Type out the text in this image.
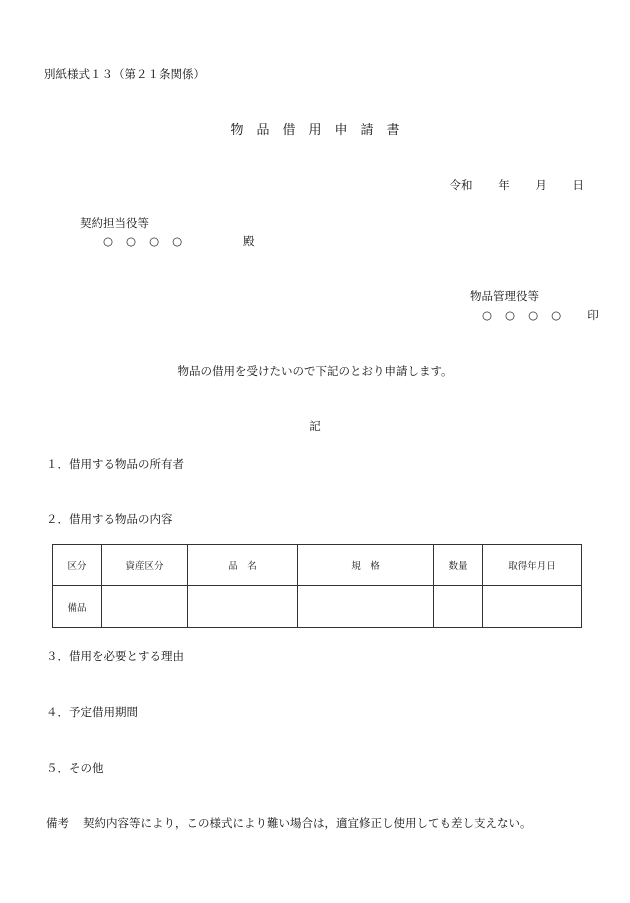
別紙様式１３（第２１条関係）
物　品　借　用　申　請　書
令和 年 月 日
契約担当役等
○ ○ ○ ○	殿
物品管理役等
○ ○ ○ ○ 印
物品の借用を受けたいので下記のとおり申請します。
記
１．借用する物品の所有者
２．借用する物品の内容
区分	資産区分	品　名	規　格	数量	取得年月日
備品					
３．借用を必要とする理由
４．予定借用期間
５．その他
備考 契約内容等により，この様式により難い場合は，適宜修正し使用しても差し支えない。
